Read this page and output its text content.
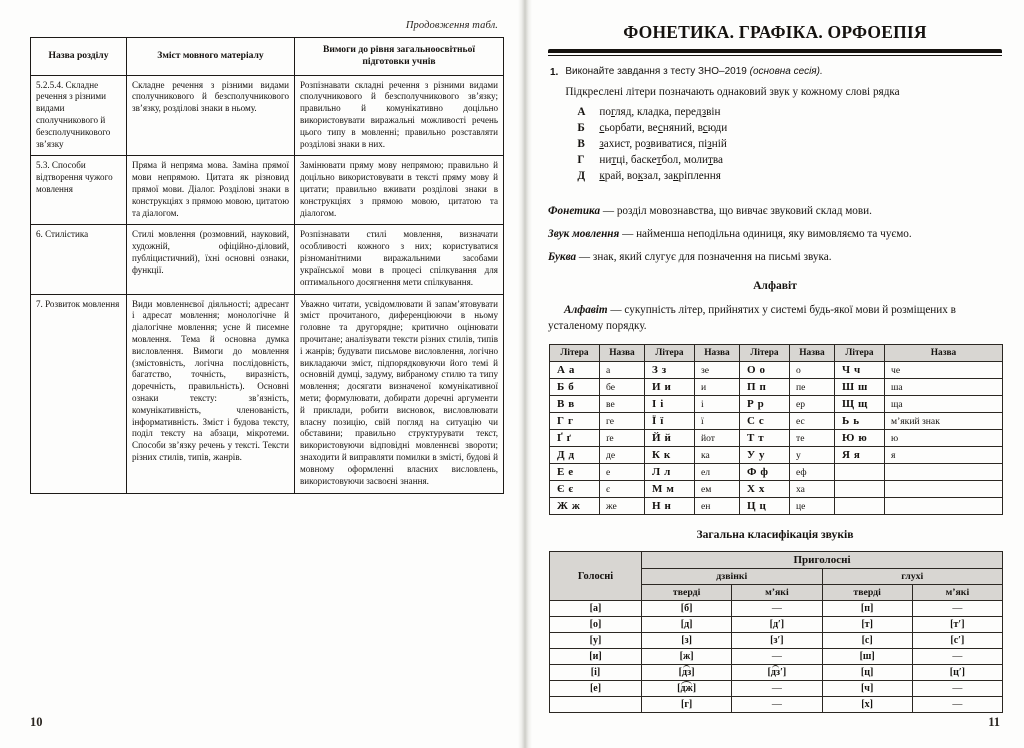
Продовження табл.
Назва розділу	Зміст мовного матеріалу	Вимоги до рівня загальноосвітньої підготовки учнів
5.2.5.4. Складне речення з різними видами сполучникового й безсполучникового зв’язку	Складне речення з різними видами сполучникового й безсполучникового зв’язку, розділові знаки в ньому.	Розпізнавати складні речення з різними видами сполучникового й безсполучникового зв’язку; правильно й комунікативно доцільно використовувати виражальні можливості речень цього типу в мовленні; правильно розставляти розділові знаки в них.
5.3. Способи відтворення чужого мовлення	Пряма й непряма мова. Заміна прямої мови непрямою. Цитата як різновид прямої мови. Діалог. Розділові знаки в конструкціях з прямою мовою, цитатою та діалогом.	Замінювати пряму мову непрямою; правильно й доцільно використовувати в тексті пряму мову й цитати; правильно вживати розділові знаки в конструкціях з прямою мовою, цитатою та діалогом.
6. Стилістика	Стилі мовлення (розмовний, науковий, художній, офіційно-діловий, публіцистичний), їхні основні ознаки, функції.	Розпізнавати стилі мовлення, визначати особливості кожного з них; користуватися різноманітними виражальними засобами української мови в процесі спілкування для оптимального досягнення мети спілкування.
7. Розвиток мовлення	Види мовленнєвої діяльності; адресант і адресат мовлення; монологічне й діалогічне мовлення; усне й писемне мовлення. Тема й основна думка висловлення. Вимоги до мовлення (змістовність, логічна послідовність, багатство, точність, виразність, доречність, правильність). Основні ознаки тексту: зв’язність, комунікативність, членованість, інформативність. Зміст і будова тексту, поділ тексту на абзаци, мікротеми. Способи зв’язку речень у тексті. Тексти різних стилів, типів, жанрів.	Уважно читати, усвідомлювати й запам’ятовувати зміст прочитаного, диференціюючи в ньому головне та другорядне; критично оцінювати прочитане; аналізувати тексти різних стилів, типів і жанрів; будувати письмове висловлення, логічно викладаючи зміст, підпорядковуючи його темі й основній думці, задуму, вибраному стилю та типу мовлення; досягати визначеної комунікативної мети; формулювати, добирати доречні аргументи й приклади, робити висновок, висловлювати власну позицію, свій погляд на ситуацію чи обставини; правильно структурувати текст, використовуючи відповідні мовленнєві звороти; знаходити й виправляти помилки в змісті, будові й мовному оформленні власних висловлень, використовуючи засвоєні знання.
10
ФОНЕТИКА. ГРАФІКА. ОРФОЕПІЯ
1. Виконайте завдання з тесту ЗНО–2019 (основна сесія).
Підкреслені літери позначають однаковий звук у кожному слові рядка
А погляд, кладка, передзвін
Б	сьорбати, весняний, всюди
В	захист, розвиватися, пізній
Г	нитці, баскетбол, молитва
Д край, вокзал, закріплення
Фонетика — розділ мовознавства, що вивчає звуковий склад мови.
Звук мовлення — найменша неподільна одиниця, яку вимовляємо та чуємо.
Буква — знак, який слугує для позначення на письмі звука.
Алфавіт
Алфавіт — сукупність літер, прийнятих у системі будь-якої мови й розміщених в усталеному порядку.
Літера	Назва	Літера	Назва	Літера	Назва	Літера	Назва
А а	а	З з	зе	О о	о	Ч ч	че
Б б	бе	И и	и	П п	пе	Ш ш	ша
В в	ве	І і	і	Р р	ер	Щ щ	ща
Г г	ге	Ї ї	ї	С с	ес	Ь ь	м’який знак
Ґ ґ	ґе	Й й	йот	Т т	те	Ю ю	ю
Д д	де	К к	ка	У у	у	Я я	я
Е е	е	Л л	ел	Ф ф	еф		
Є є	є	М м	ем	Х х	ха		
Ж ж	же	Н н	ен	Ц ц	це		
Загальна класифікація звуків
Голосні	Приголосні			
	дзвінкі		глухі	
	тверді	м’які	тверді	м’які
[а]	[б]	—	[п]	—
[о]	[д]	[д′]	[т]	[т′]
[у]	[з]	[з′]	[с]	[с′]
[и]	[ж]	—	[ш]	—
[і]	[дз]	[дз′]	[ц]	[ц′]
[е]	[дж]	—	[ч]	—
	[г]	—	[х]	—
11
